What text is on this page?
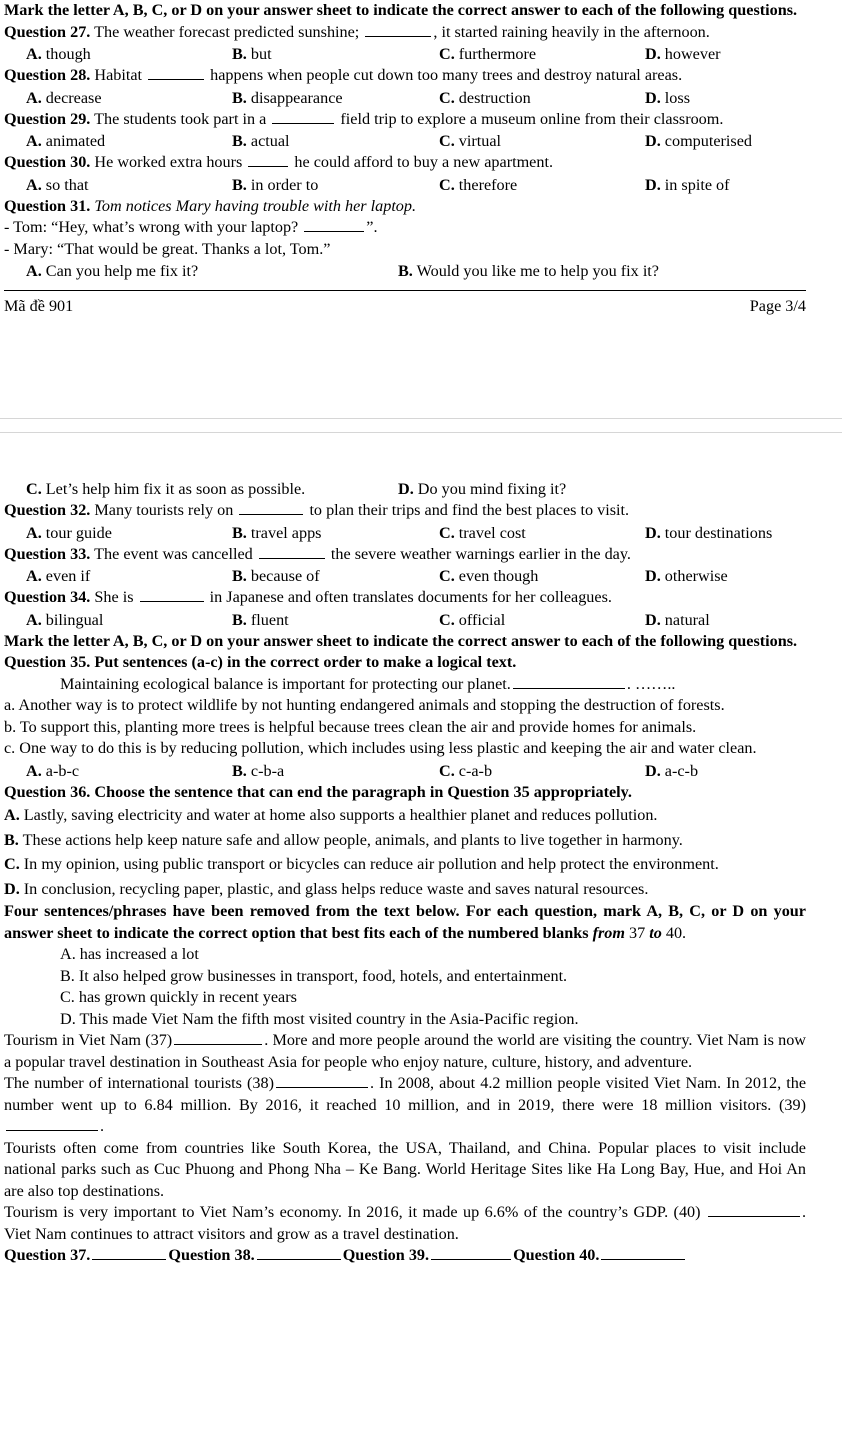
Mark the letter A, B, C, or D on your answer sheet to indicate the correct answer to each of the following questions.

Question 27. The weather forecast predicted sunshine;	, it started raining heavily in the afternoon.

A. though	B. but	C. furthermore	D. however

Question 28. Habitat	happens when people cut down too many trees and destroy natural areas.

A. decrease	B. disappearance	C. destruction	D. loss

Question 29. The students took part in a	field trip to explore a museum online from their classroom.

A. animated	B. actual	C. virtual	D. computerised

Question 30. He worked extra hours	he could afford to buy a new apartment.

A. so that	B. in order to	C. therefore	D. in spite of

Question 31. Tom notices Mary having trouble with her laptop.

- Tom: “Hey, what’s wrong with your laptop?	”.

- Mary: “That would be great. Thanks a lot, Tom.”

A. Can you help me fix it?	B. Would you like me to help you fix it?
Mã đề 901	Page 3/4
C. Let’s help him fix it as soon as possible.	D. Do you mind fixing it?

Question 32. Many tourists rely on	to plan their trips and find the best places to visit.

A. tour guide	B. travel apps	C. travel cost	D. tour destinations

Question 33. The event was cancelled	the severe weather warnings earlier in the day.

A. even if	B. because of	C. even though	D. otherwise

Question 34. She is	in Japanese and often translates documents for her colleagues.

A. bilingual	B. fluent	C. official	D. natural

Mark the letter A, B, C, or D on your answer sheet to indicate the correct answer to each of the following questions.

Question 35. Put sentences (a-c) in the correct order to make a logical text.

Maintaining ecological balance is important for protecting our planet.	. ……..

a. Another way is to protect wildlife by not hunting endangered animals and stopping the destruction of forests.

b. To support this, planting more trees is helpful because trees clean the air and provide homes for animals.

c. One way to do this is by reducing pollution, which includes using less plastic and keeping the air and water clean.

A. a-b-c	B. c-b-a	C. c-a-b	D. a-c-b

Question 36. Choose the sentence that can end the paragraph in Question 35 appropriately.

A. Lastly, saving electricity and water at home also supports a healthier planet and reduces pollution.

B. These actions help keep nature safe and allow people, animals, and plants to live together in harmony.

C. In my opinion, using public transport or bicycles can reduce air pollution and help protect the environment.

D. In conclusion, recycling paper, plastic, and glass helps reduce waste and saves natural resources.

Four sentences/phrases have been removed from the text below. For each question, mark A, B, C, or D on your answer sheet to indicate the correct option that best fits each of the numbered blanks from 37 to 40.

A. has increased a lot

B. It also helped grow businesses in transport, food, hotels, and entertainment.

C. has grown quickly in recent years

D. This made Viet Nam the fifth most visited country in the Asia-Pacific region.

Tourism in Viet Nam (37)	. More and more people around the world are visiting the country. Viet Nam is now a popular travel destination in Southeast Asia for people who enjoy nature, culture, history, and adventure.

The number of international tourists (38)	. In 2008, about 4.2 million people visited Viet Nam. In 2012, the number went up to 6.84 million. By 2016, it reached 10 million, and in 2019, there were 18 million visitors. (39).

Tourists often come from countries like South Korea, the USA, Thailand, and China. Popular places to visit include national parks such as Cuc Phuong and Phong Nha – Ke Bang. World Heritage Sites like Ha Long Bay, Hue, and Hoi An are also top destinations.

Tourism is very important to Viet Nam’s economy. In 2016, it made up 6.6% of the country’s GDP. (40)	. Viet Nam continues to attract visitors and grow as a travel destination.

Question 37.	Question 38.	Question 39.	Question 40.
